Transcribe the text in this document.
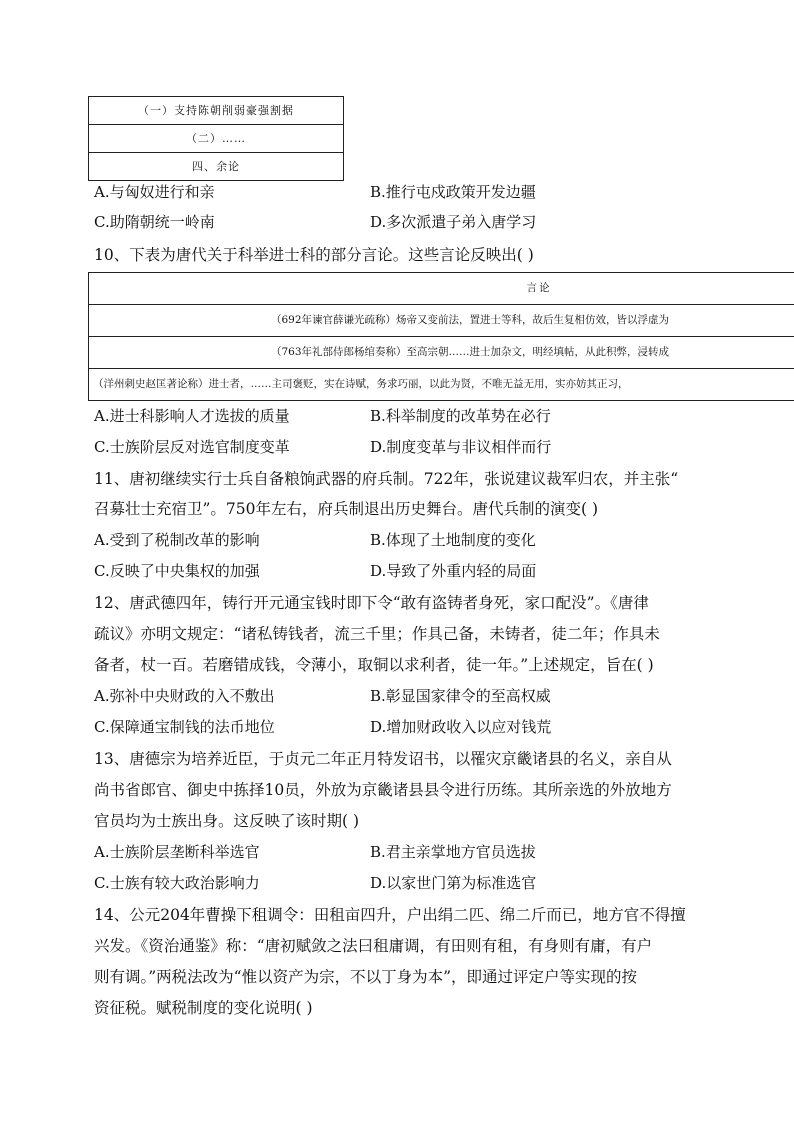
（一）支持陈朝削弱豪强割据
（二）……
四、余论
A.与匈奴进行和亲	B.推行屯戍政策开发边疆
C.助隋朝统一岭南	D.多次派遣子弟入唐学习
10、下表为唐代关于科举进士科的部分言论。这些言论反映出( )
言论
（692年谏官薛谦光疏称）炀帝又变前法，置进士等科，故后生复相仿效，皆以浮虚为
（763年礼部侍郎杨绾奏称）至高宗朝……进士加杂文，明经填帖，从此积弊，浸转成
（洋州刺史赵匡著论称）进士者，……主司褒贬，实在诗赋，务求巧丽，以此为贤，不唯无益无用，实亦妨其正习，
A.进士科影响人才选拔的质量	B.科举制度的改革势在必行
C.士族阶层反对选官制度变革	D.制度变革与非议相伴而行
11、唐初继续实行士兵自备粮饷武器的府兵制。722年，张说建议裁军归农，并主张“
召募壮士充宿卫”。750年左右，府兵制退出历史舞台。唐代兵制的演变( )
A.受到了税制改革的影响	B.体现了土地制度的变化
C.反映了中央集权的加强	D.导致了外重内轻的局面
12、唐武德四年，铸行开元通宝钱时即下令“敢有盗铸者身死，家口配没”。《唐律
疏议》亦明文规定：“诸私铸钱者，流三千里；作具己备，未铸者，徒二年；作具未
备者，杖一百。若磨错成钱，令薄小，取铜以求利者，徒一年。”上述规定，旨在( )
A.弥补中央财政的入不敷出	B.彰显国家律令的至高权威
C.保障通宝制钱的法币地位	D.增加财政收入以应对钱荒
13、唐德宗为培养近臣，于贞元二年正月特发诏书，以罹灾京畿诸县的名义，亲自从
尚书省郎官、御史中拣择10员，外放为京畿诸县县令进行历练。其所亲选的外放地方
官员均为士族出身。这反映了该时期( )
A.士族阶层垄断科举选官	B.君主亲掌地方官员选拔
C.士族有较大政治影响力	D.以家世门第为标准选官
14、公元204年曹操下租调令：田租亩四升，户出绢二匹、绵二斤而已，地方官不得擅
兴发。《资治通鉴》称：“唐初赋敛之法曰租庸调，有田则有租，有身则有庸，有户
则有调。”两税法改为“惟以资产为宗，不以丁身为本”，即通过评定户等实现的按
资征税。赋税制度的变化说明( )
